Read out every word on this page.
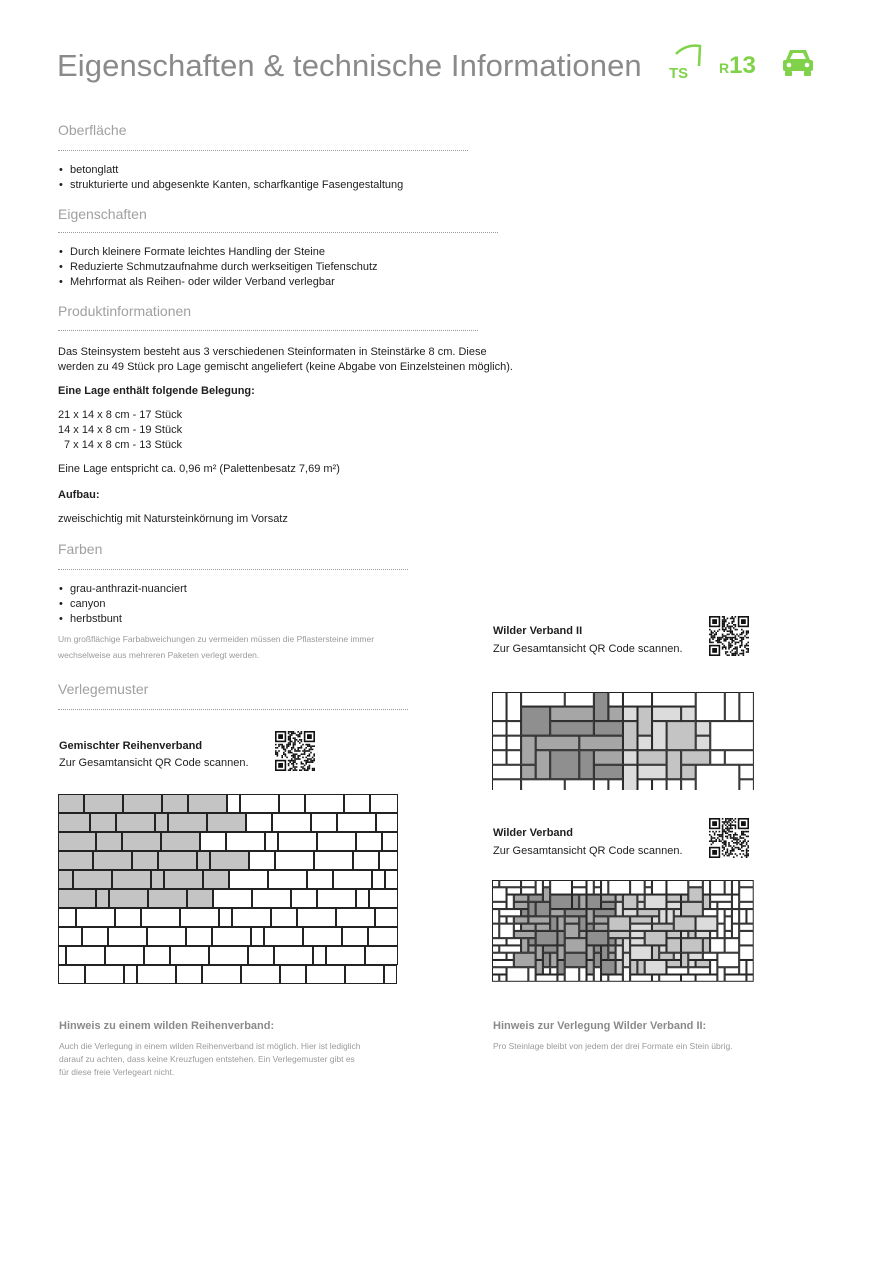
Eigenschaften & technische Informationen TS R13
Oberfläche
• betonglatt
• strukturierte und abgesenkte Kanten, scharfkantige Fasengestaltung
Eigenschaften
• Durch kleinere Formate leichtes Handling der Steine
• Reduzierte Schmutzaufnahme durch werkseitigen Tiefenschutz
• Mehrformat als Reihen- oder wilder Verband verlegbar
Produktinformationen
Das Steinsystem besteht aus 3 verschiedenen Steinformaten in Steinstärke 8 cm. Diese
werden zu 49 Stück pro Lage gemischt angeliefert (keine Abgabe von Einzelsteinen möglich).
Eine Lage enthält folgende Belegung:
21 x 14 x 8 cm - 17 Stück
14 x 14 x 8 cm - 19 Stück
7 x 14 x 8 cm - 13 Stück
Eine Lage entspricht ca. 0,96 m² (Palettenbesatz 7,69 m²)
Aufbau:
zweischichtig mit Natursteinkörnung im Vorsatz
Farben
• grau-anthrazit-nuanciert
• canyon
• herbstbunt
Um großflächige Farbabweichungen zu vermeiden müssen die Pflastersteine immer
wechselweise aus mehreren Paketen verlegt werden.
Verlegemuster
Gemischter Reihenverband
Zur Gesamtansicht QR Code scannen.
Hinweis zu einem wilden Reihenverband:
Auch die Verlegung in einem wilden Reihenverband ist möglich. Hier ist lediglich
darauf zu achten, dass keine Kreuzfugen entstehen. Ein Verlegemuster gibt es
für diese freie Verlegeart nicht.
Wilder Verband II
Zur Gesamtansicht QR Code scannen.
Wilder Verband
Zur Gesamtansicht QR Code scannen.
Hinweis zur Verlegung Wilder Verband II:
Pro Steinlage bleibt von jedem der drei Formate ein Stein übrig.
